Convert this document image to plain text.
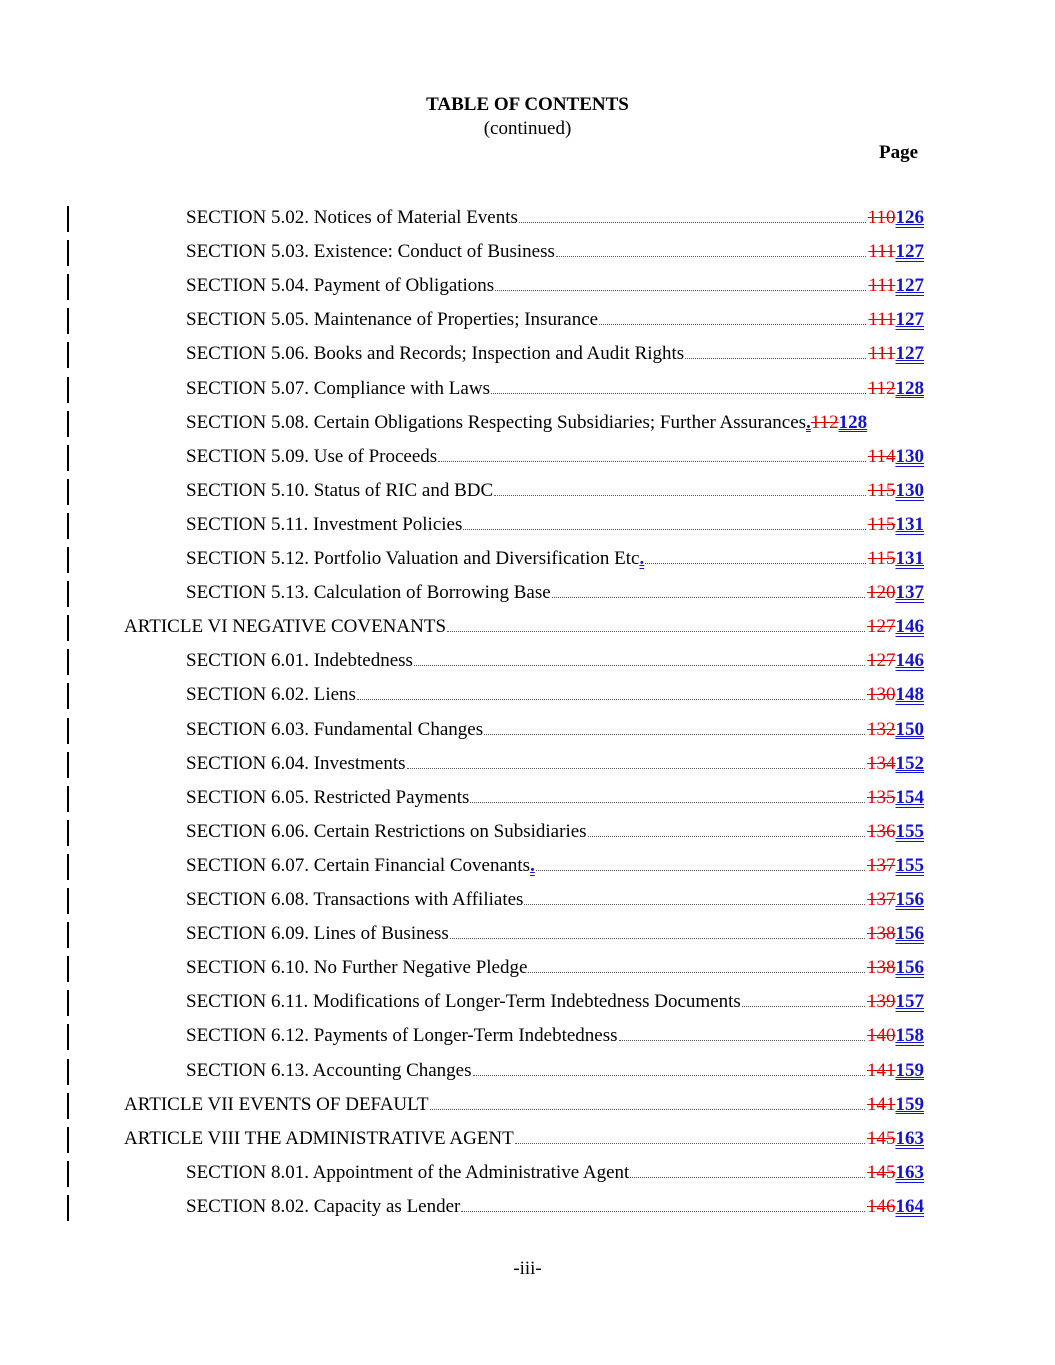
TABLE OF CONTENTS
(continued)
Page
SECTION 5.02. Notices of Material Events	110 126
SECTION 5.03. Existence: Conduct of Business	111 127
SECTION 5.04. Payment of Obligations	111 127
SECTION 5.05. Maintenance of Properties; Insurance	111 127
SECTION 5.06. Books and Records; Inspection and Audit Rights	111 127
SECTION 5.07. Compliance with Laws	112 128
SECTION 5.08. Certain Obligations Respecting Subsidiaries; Further Assurances . 112 128
SECTION 5.09. Use of Proceeds	114 130
SECTION 5.10. Status of RIC and BDC	115 130
SECTION 5.11. Investment Policies	115 131
SECTION 5.12. Portfolio Valuation and Diversification Etc .	115 131
SECTION 5.13. Calculation of Borrowing Base	120 137
ARTICLE VI NEGATIVE COVENANTS	127 146
SECTION 6.01. Indebtedness	127 146
SECTION 6.02. Liens	130 148
SECTION 6.03. Fundamental Changes	132 150
SECTION 6.04. Investments	134 152
SECTION 6.05. Restricted Payments	135 154
SECTION 6.06. Certain Restrictions on Subsidiaries	136 155
SECTION 6.07. Certain Financial Covenants .	137 155
SECTION 6.08. Transactions with Affiliates	137 156
SECTION 6.09. Lines of Business	138 156
SECTION 6.10. No Further Negative Pledge	138 156
SECTION 6.11. Modifications of Longer-Term Indebtedness Documents	139 157
SECTION 6.12. Payments of Longer-Term Indebtedness	140 158
SECTION 6.13. Accounting Changes	141 159
ARTICLE VII EVENTS OF DEFAULT	141 159
ARTICLE VIII THE ADMINISTRATIVE AGENT	145 163
SECTION 8.01. Appointment of the Administrative Agent	145 163
SECTION 8.02. Capacity as Lender	146 164
-iii-
